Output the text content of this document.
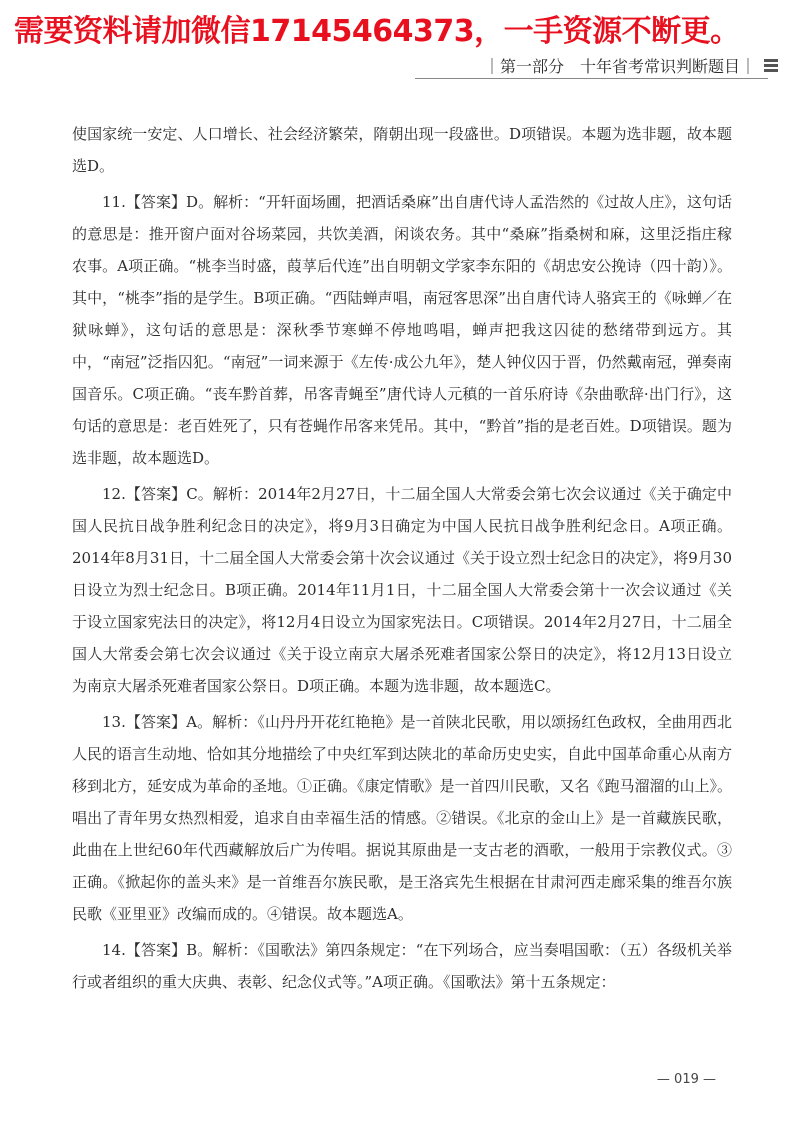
需要资料请加微信17145464373，一手资源不断更。
｜第一部分　十年省考常识判断题目｜

使国家统一安定、人口增长、社会经济繁荣，隋朝出现一段盛世。D项错误。本题为选非题，故本题选D。

11.【答案】D。解析：“开轩面场圃，把酒话桑麻”出自唐代诗人孟浩然的《过故人庄》，这句话的意思是：推开窗户面对谷场菜园，共饮美酒，闲谈农务。其中“桑麻”指桑树和麻，这里泛指庄稼农事。A项正确。“桃李当时盛，葭莩后代连”出自明朝文学家李东阳的《胡忠安公挽诗（四十韵）》。其中，“桃李”指的是学生。B项正确。“西陆蝉声唱，南冠客思深”出自唐代诗人骆宾王的《咏蝉／在狱咏蝉》，这句话的意思是：深秋季节寒蝉不停地鸣唱，蝉声把我这囚徒的愁绪带到远方。其中，“南冠”泛指囚犯。“南冠”一词来源于《左传·成公九年》，楚人钟仪囚于晋，仍然戴南冠，弹奏南国音乐。C项正确。“丧车黔首葬，吊客青蝇至”唐代诗人元稹的一首乐府诗《杂曲歌辞·出门行》，这句话的意思是：老百姓死了，只有苍蝇作吊客来凭吊。其中，“黔首”指的是老百姓。D项错误。题为选非题，故本题选D。

12.【答案】C。解析：2014年2月27日，十二届全国人大常委会第七次会议通过《关于确定中国人民抗日战争胜利纪念日的决定》，将9月3日确定为中国人民抗日战争胜利纪念日。A项正确。2014年8月31日，十二届全国人大常委会第十次会议通过《关于设立烈士纪念日的决定》，将9月30日设立为烈士纪念日。B项正确。2014年11月1日，十二届全国人大常委会第十一次会议通过《关于设立国家宪法日的决定》，将12月4日设立为国家宪法日。C项错误。2014年2月27日，十二届全国人大常委会第七次会议通过《关于设立南京大屠杀死难者国家公祭日的决定》，将12月13日设立为南京大屠杀死难者国家公祭日。D项正确。本题为选非题，故本题选C。

13.【答案】A。解析：《山丹丹开花红艳艳》是一首陕北民歌，用以颂扬红色政权，全曲用西北人民的语言生动地、恰如其分地描绘了中央红军到达陕北的革命历史史实，自此中国革命重心从南方移到北方，延安成为革命的圣地。①正确。《康定情歌》是一首四川民歌，又名《跑马溜溜的山上》。唱出了青年男女热烈相爱，追求自由幸福生活的情感。②错误。《北京的金山上》是一首藏族民歌，此曲在上世纪60年代西藏解放后广为传唱。据说其原曲是一支古老的酒歌，一般用于宗教仪式。③正确。《掀起你的盖头来》是一首维吾尔族民歌，是王洛宾先生根据在甘肃河西走廊采集的维吾尔族民歌《亚里亚》改编而成的。④错误。故本题选A。

14.【答案】B。解析：《国歌法》第四条规定：“在下列场合，应当奏唱国歌：（五）各级机关举行或者组织的重大庆典、表彰、纪念仪式等。”A项正确。《国歌法》第十五条规定：

— 019 —
